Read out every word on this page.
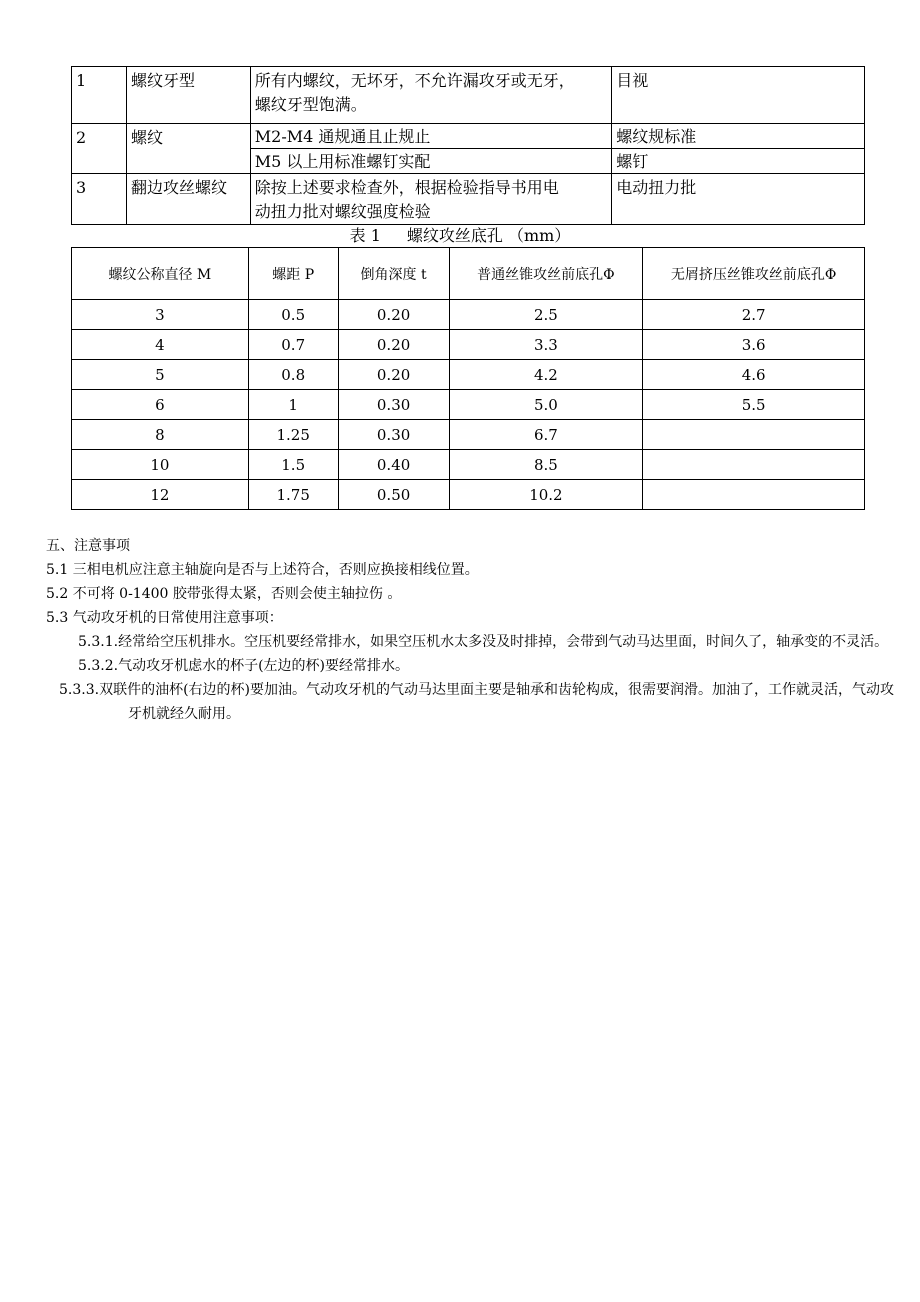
1	螺纹牙型	所有内螺纹，无坏牙，不允许漏攻牙或无牙，
螺纹牙型饱满。	目视
2	螺纹	M2-M4 通规通且止规止	螺纹规标准
		M5 以上用标准螺钉实配	螺钉
3	翻边攻丝螺纹	除按上述要求检查外，根据检验指导书用电
动扭力批对螺纹强度检验	电动扭力批
表 1 螺纹攻丝底孔 （mm）
螺纹公称直径 M	螺距 P	倒角深度 t	普通丝锥攻丝前底孔Φ	无屑挤压丝锥攻丝前底孔Φ
3	0.5	0.20	2.5	2.7
4	0.7	0.20	3.3	3.6
5	0.8	0.20	4.2	4.6
6	1	0.30	5.0	5.5
8	1.25	0.30	6.7	
10	1.5	0.40	8.5	
12	1.75	0.50	10.2	

五、注意事项

5.1 三相电机应注意主轴旋向是否与上述符合，否则应换接相线位置。

5.2 不可将 0-1400 胶带张得太紧，否则会使主轴拉伤 。

5.3 气动攻牙机的日常使用注意事项：

5.3.1.经常给空压机排水。空压机要经常排水，如果空压机水太多没及时排掉，会带到气动马达里面，时间久了，轴承变的不灵活。

5.3.2.气动攻牙机虑水的杯子(左边的杯)要经常排水。

5.3.3.双联件的油杯(右边的杯)要加油。气动攻牙机的气动马达里面主要是轴承和齿轮构成，很需要润滑。加油了，工作就灵活，气动攻牙机就经久耐用。
